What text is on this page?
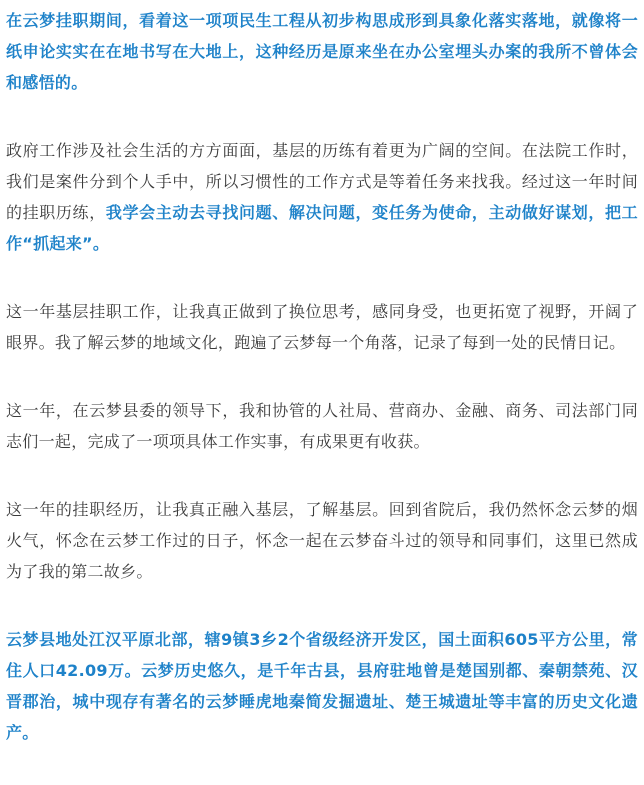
在云梦挂职期间，看着这一项项民生工程从初步构思成形到具象化落实落地，就像将一纸申论实实在在地书写在大地上，这种经历是原来坐在办公室埋头办案的我所不曾体会和感悟的。

政府工作涉及社会生活的方方面面，基层的历练有着更为广阔的空间。在法院工作时，我们是案件分到个人手中，所以习惯性的工作方式是等着任务来找我。经过这一年时间的挂职历练，我学会主动去寻找问题、解决问题，变任务为使命，主动做好谋划，把工作“抓起来”。

这一年基层挂职工作，让我真正做到了换位思考，感同身受，也更拓宽了视野，开阔了眼界。我了解云梦的地域文化，跑遍了云梦每一个角落，记录了每到一处的民情日记。

这一年，在云梦县委的领导下，我和协管的人社局、营商办、金融、商务、司法部门同志们一起，完成了一项项具体工作实事，有成果更有收获。

这一年的挂职经历，让我真正融入基层，了解基层。回到省院后，我仍然怀念云梦的烟火气，怀念在云梦工作过的日子，怀念一起在云梦奋斗过的领导和同事们，这里已然成为了我的第二故乡。

云梦县地处江汉平原北部，辖9镇3乡2个省级经济开发区，国土面积605平方公里，常住人口42.09万。云梦历史悠久，是千年古县，县府驻地曾是楚国别都、秦朝禁苑、汉晋郡治，城中现存有著名的云梦睡虎地秦简发掘遗址、楚王城遗址等丰富的历史文化遗产。
